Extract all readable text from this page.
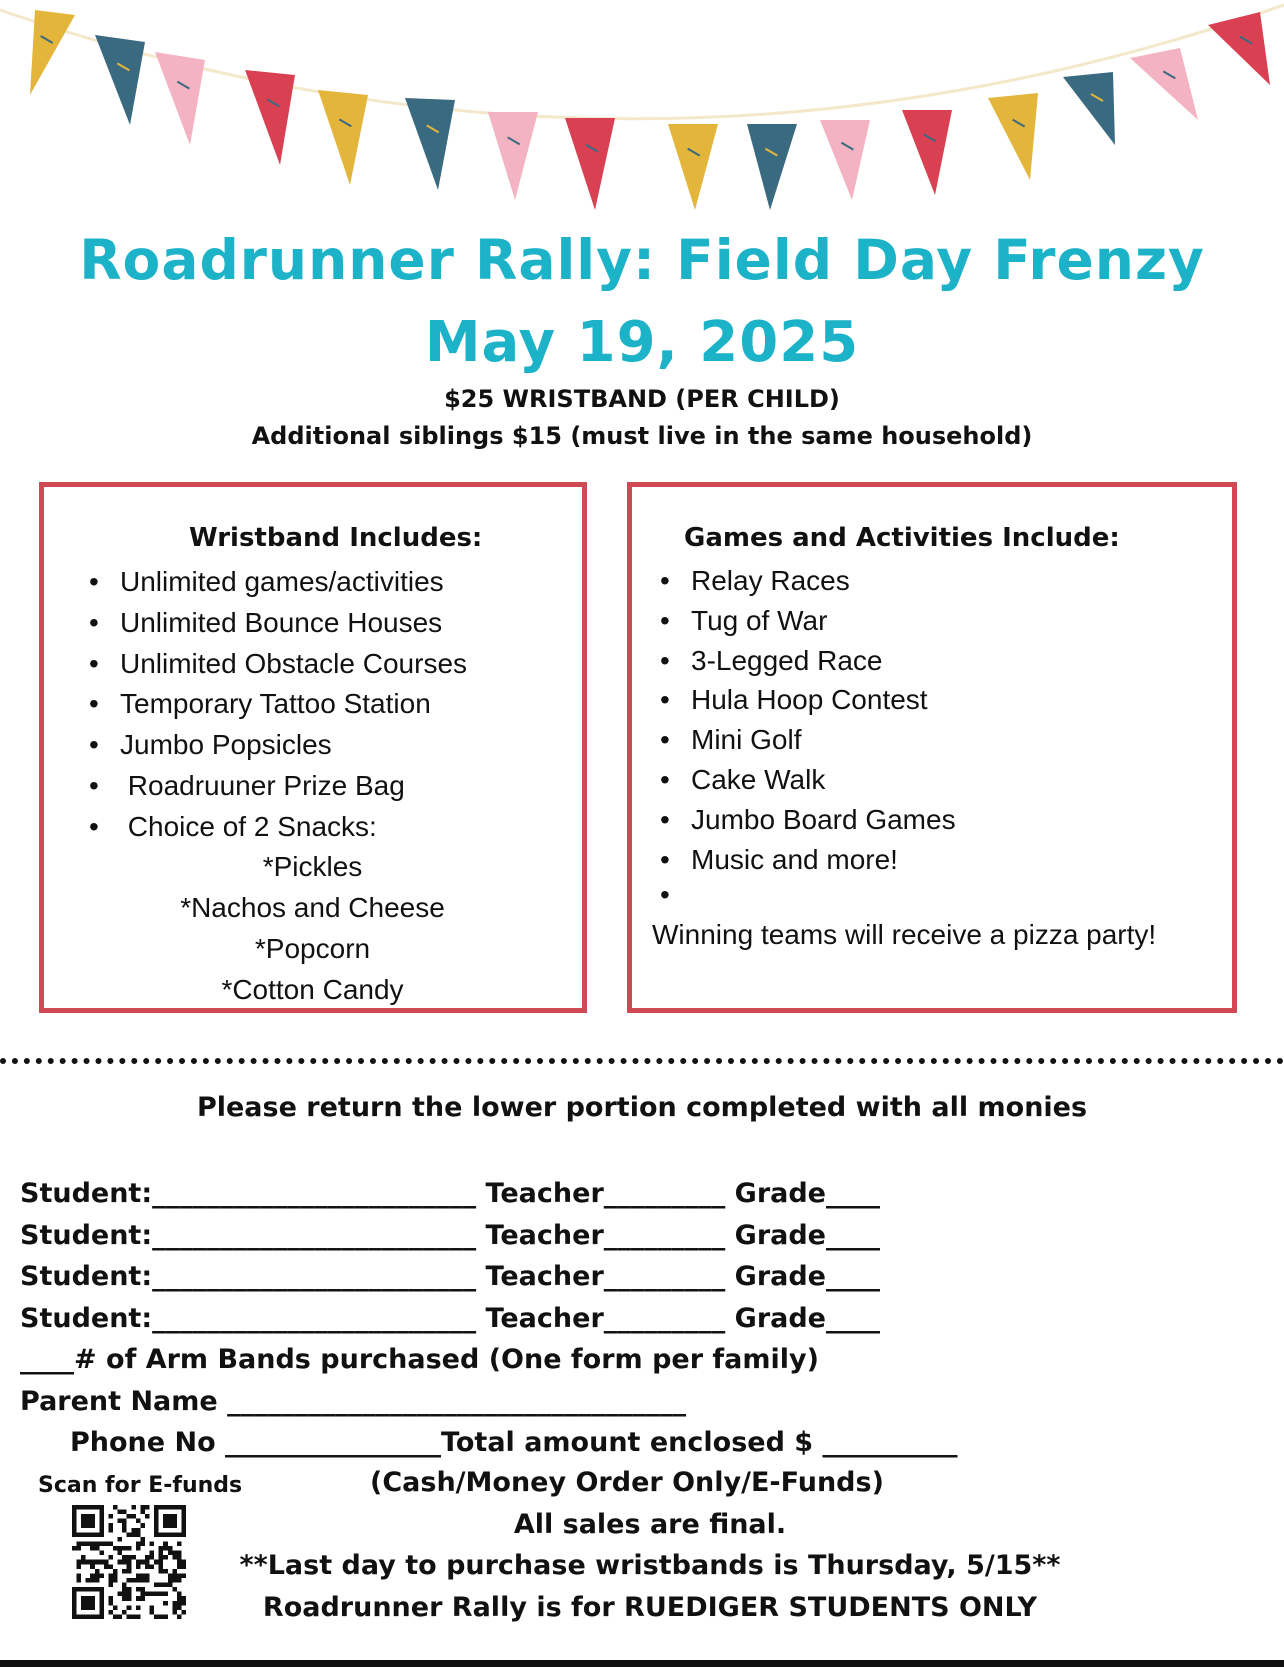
Roadrunner Rally: Field Day Frenzy
May 19, 2025
$25 WRISTBAND (PER CHILD)
Additional siblings $15 (must live in the same household)
Wristband Includes:
• Unlimited games/activities
• Unlimited Bounce Houses
• Unlimited Obstacle Courses
• Temporary Tattoo Station
• Jumbo Popsicles
• Roadruuner Prize Bag
• Choice of 2 Snacks:
*Pickles
*Nachos and Cheese
*Popcorn
*Cotton Candy
Games and Activities Include:
• Relay Races
• Tug of War
• 3-Legged Race
• Hula Hoop Contest
• Mini Golf
• Cake Walk
• Jumbo Board Games
• Music and more!
•
Winning teams will receive a pizza party!
Please return the lower portion completed with all monies
Student:________________________ Teacher_________ Grade____
Student:________________________ Teacher_________ Grade____
Student:________________________ Teacher_________ Grade____
Student:________________________ Teacher_________ Grade____
____# of Arm Bands purchased (One form per family)
Parent Name __________________________________
Phone No ________________Total amount enclosed $ __________
Scan for E-funds	(Cash/Money Order Only/E-Funds)
All sales are final.
**Last day to purchase wristbands is Thursday, 5/15**
Roadrunner Rally is for RUEDIGER STUDENTS ONLY
